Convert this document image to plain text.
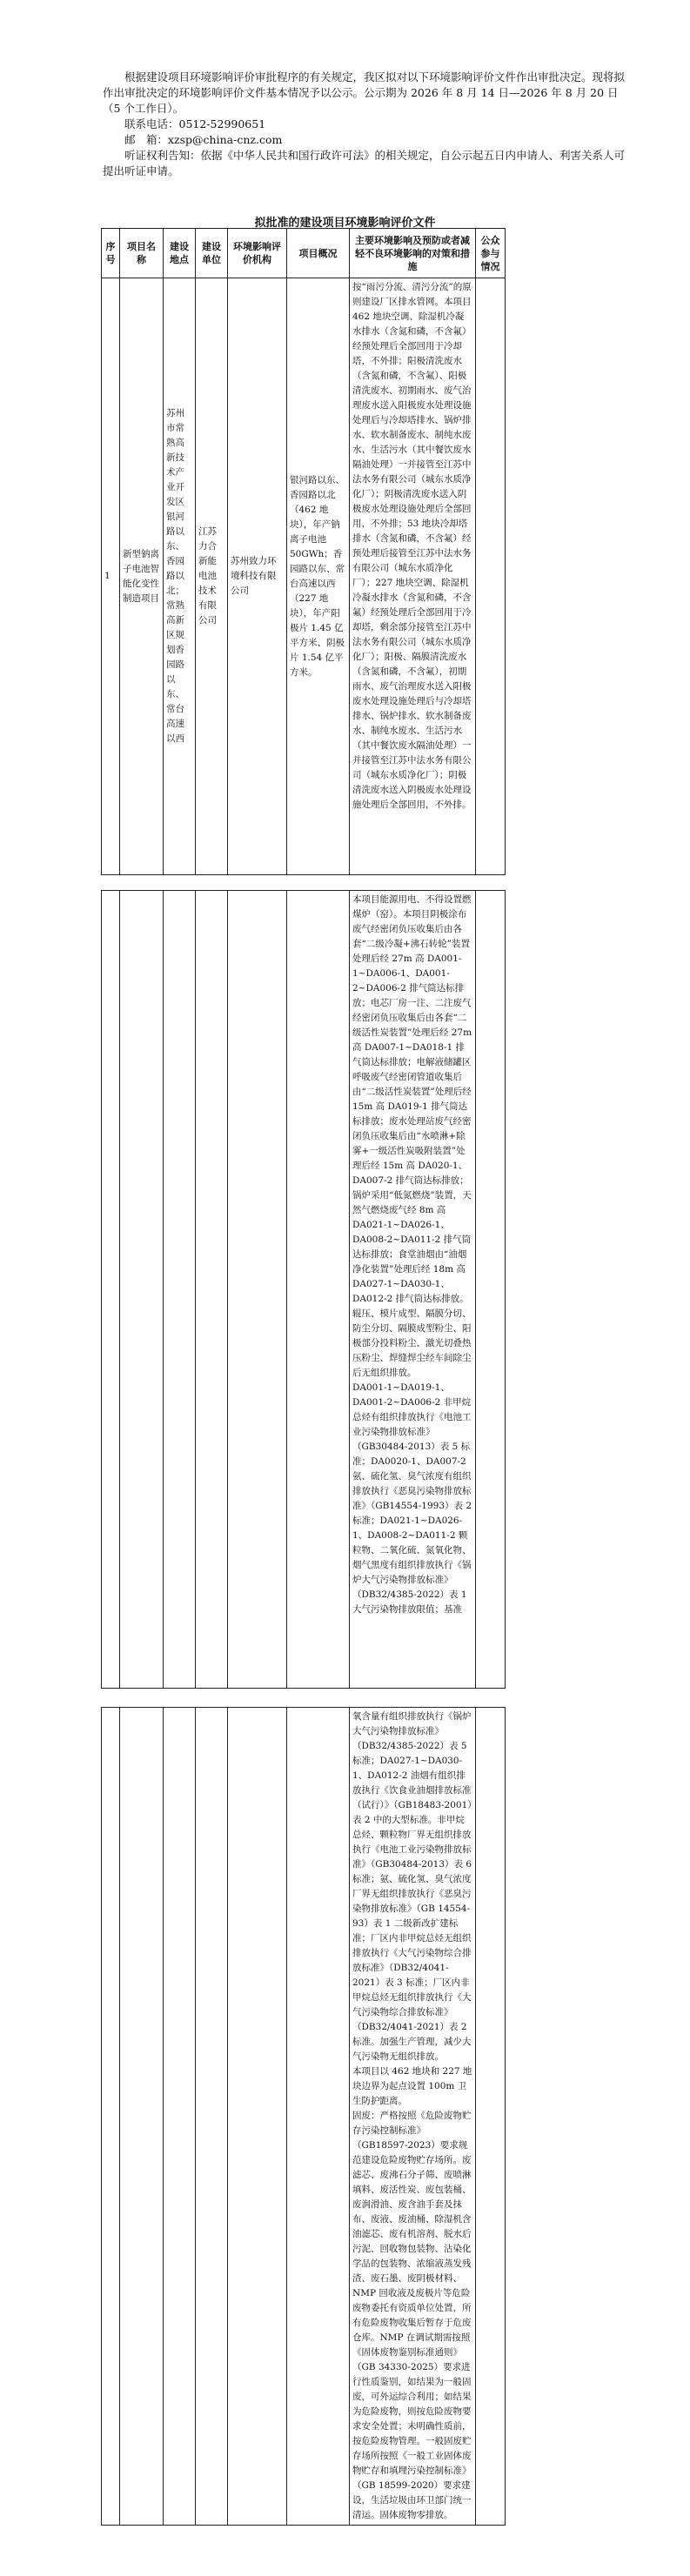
根据建设项目环境影响评价审批程序的有关规定，我区拟对以下环境影响评价文件作出审批决定。现将拟作出审批决定的环境影响评价文件基本情况予以公示。公示期为 2026 年 8 月 14 日—2026 年 8 月 20 日（5 个工作日）。

联系电话：0512-52990651

邮　箱：xzsp@china-cnz.com

听证权利告知：依据《中华人民共和国行政许可法》的相关规定，自公示起五日内申请人、利害关系人可提出听证申请。

拟批准的建设项目环境影响评价文件
序号	项目名称	建设地点	建设单位	环境影响评价机构	项目概况	主要环境影响及预防或者减轻不良环境影响的对策和措施	公众参与情况
1	新型钠离子电池智能化变性制造项目	苏州市常熟高新技术产业开发区银河路以东、香园路以北；常熟高新区规划香园路以东、常台高速以西	江苏力合新能电池技术有限公司	苏州致力环境科技有限公司	银河路以东、香园路以北（462 地块），年产钠离子电池 50GWh；香园路以东、常台高速以西（227 地块），年产阳极片 1.45 亿平方米、阴极片 1.54 亿平方米。	按“雨污分流、清污分流”的原则建设厂区排水管网。本项目 462 地块空调、除湿机冷凝水排水（含氮和磷，不含氟）经预处理后全部回用于冷却塔，不外排；阳极清洗废水（含氮和磷，不含氟）、阳极清洗废水、初期雨水、废气治理废水送入阳极废水处理设施处理后与冷却塔排水、锅炉排水、软水制备废水、制纯水废水、生活污水（其中餐饮废水隔油处理）一并接管至江苏中法水务有限公司（城东水质净化厂）；阴极清洗废水送入阴极废水处理设施处理后全部回用，不外排；53 地块冷却塔排水（含氮和磷，不含氟）经预处理后接管至江苏中法水务有限公司（城东水质净化厂）；227 地块空调、除湿机冷凝水排水（含氮和磷，不含氟）经预处理后全部回用于冷却塔，剩余部分接管至江苏中法水务有限公司（城东水质净化厂）；阳极、隔膜清洗废水（含氮和磷，不含氟），初期雨水、废气治理废水送入阳极废水处理设施处理后与冷却塔排水、锅炉排水、软水制备废水、制纯水废水、生活污水（其中餐饮废水隔油处理）一并接管至江苏中法水务有限公司（城东水质净化厂）；阴极清洗废水送入阴极废水处理设施处理后全部回用，不外排。	

本项目能源用电、不得设置燃煤炉（窑）。本项目阴极涂布废气经密闭负压收集后由各套“二级冷凝+沸石转轮”装置处理后经 27m 高 DA001-1~DA006-1、DA001-2~DA006-2 排气筒达标排放；电芯厂房一注、二注废气经密闭负压收集后由各套“二级活性炭装置”处理后经 27m 高 DA007-1~DA018-1 排气筒达标排放；电解液储罐区呼吸废气经密闭管道收集后由“二级活性炭装置”处理后经 15m 高 DA019-1 排气筒达标排放；废水处理站废气经密闭负压收集后由“水喷淋+除雾+一级活性炭吸附装置”处理后经 15m 高 DA020-1、DA007-2 排气筒达标排放；锅炉采用“低氮燃烧”装置，天然气燃烧废气经 8m 高 DA021-1~DA026-1、DA008-2~DA011-2 排气筒达标排放；食堂油烟由“油烟净化装置”处理后经 18m 高 DA027-1~DA030-1、DA012-2 排气筒达标排放。辊压、模片成型、隔膜分切、防尘分切、隔膜成型粉尘、阳极部分投料粉尘、激光切叠热压粉尘、焊缝焊尘经车间除尘后无组织排放。
DA001-1~DA019-1、DA001-2~DA006-2 非甲烷总烃有组织排放执行《电池工业污染物排放标准》（GB30484-2013）表 5 标准；DA0020-1、DA007-2 氨、硫化氢、臭气浓度有组织排放执行《恶臭污染物排放标准》（GB14554-1993）表 2 标准；DA021-1~DA026-1、DA008-2~DA011-2 颗粒物、二氧化硫、氮氧化物、烟气黑度有组织排放执行《锅炉大气污染物排放标准》（DB32/4385-2022）表 1 大气污染物排放限值；基准

氧含量有组织排放执行《锅炉大气污染物排放标准》（DB32/4385-2022）表 5 标准；DA027-1~DA030-1、DA012-2 油烟有组织排放执行《饮食业油烟排放标准（试行）》（GB18483-2001）表 2 中的大型标准。非甲烷总烃、颗粒物厂界无组织排放执行《电池工业污染物排放标准》（GB30484-2013）表 6 标准；氨、硫化氢、臭气浓度厂界无组织排放执行《恶臭污染物排放标准》（GB 14554-93）表 1 二级新改扩建标准；厂区内非甲烷总烃无组织排放执行《大气污染物综合排放标准》（DB32/4041-2021）表 3 标准；厂区内非甲烷总烃无组织排放执行《大气污染物综合排放标准》（DB32/4041-2021）表 2 标准。加强生产管理，减少大气污染物无组织排放。
本项目以 462 地块和 227 地块边界为起点设置 100m 卫生防护距离。
固废：严格按照《危险废物贮存污染控制标准》（GB18597-2023）要求规范建设危险废物贮存场所。废滤芯、废沸石分子筛、废喷淋填料、废活性炭、废包装桶、废润滑油、废含油手套及抹布、废液、废油桶、除湿机含油滤芯、废有机溶剂、脱水后污泥、回收物包装物、沾染化学品的包装物、浓缩液蒸发残渣、废石墨、废阴极材料、NMP 回收液及废极片等危险废物委托有资质单位处置，所有危险废物收集后暂存于危废仓库。NMP 在调试期需按照《固体废物鉴别标准通则》（GB 34330-2025）要求进行性质鉴别，如结果为一般固废，可外运综合利用；如结果为危险废物，则按危险废物要求安全处置；未明确性质前，按危险废物管理。一般固废贮存场所按照《一般工业固体废物贮存和填埋污染控制标准》（GB 18599-2020）要求建设，生活垃圾由环卫部门统一清运。固体废物零排放。
